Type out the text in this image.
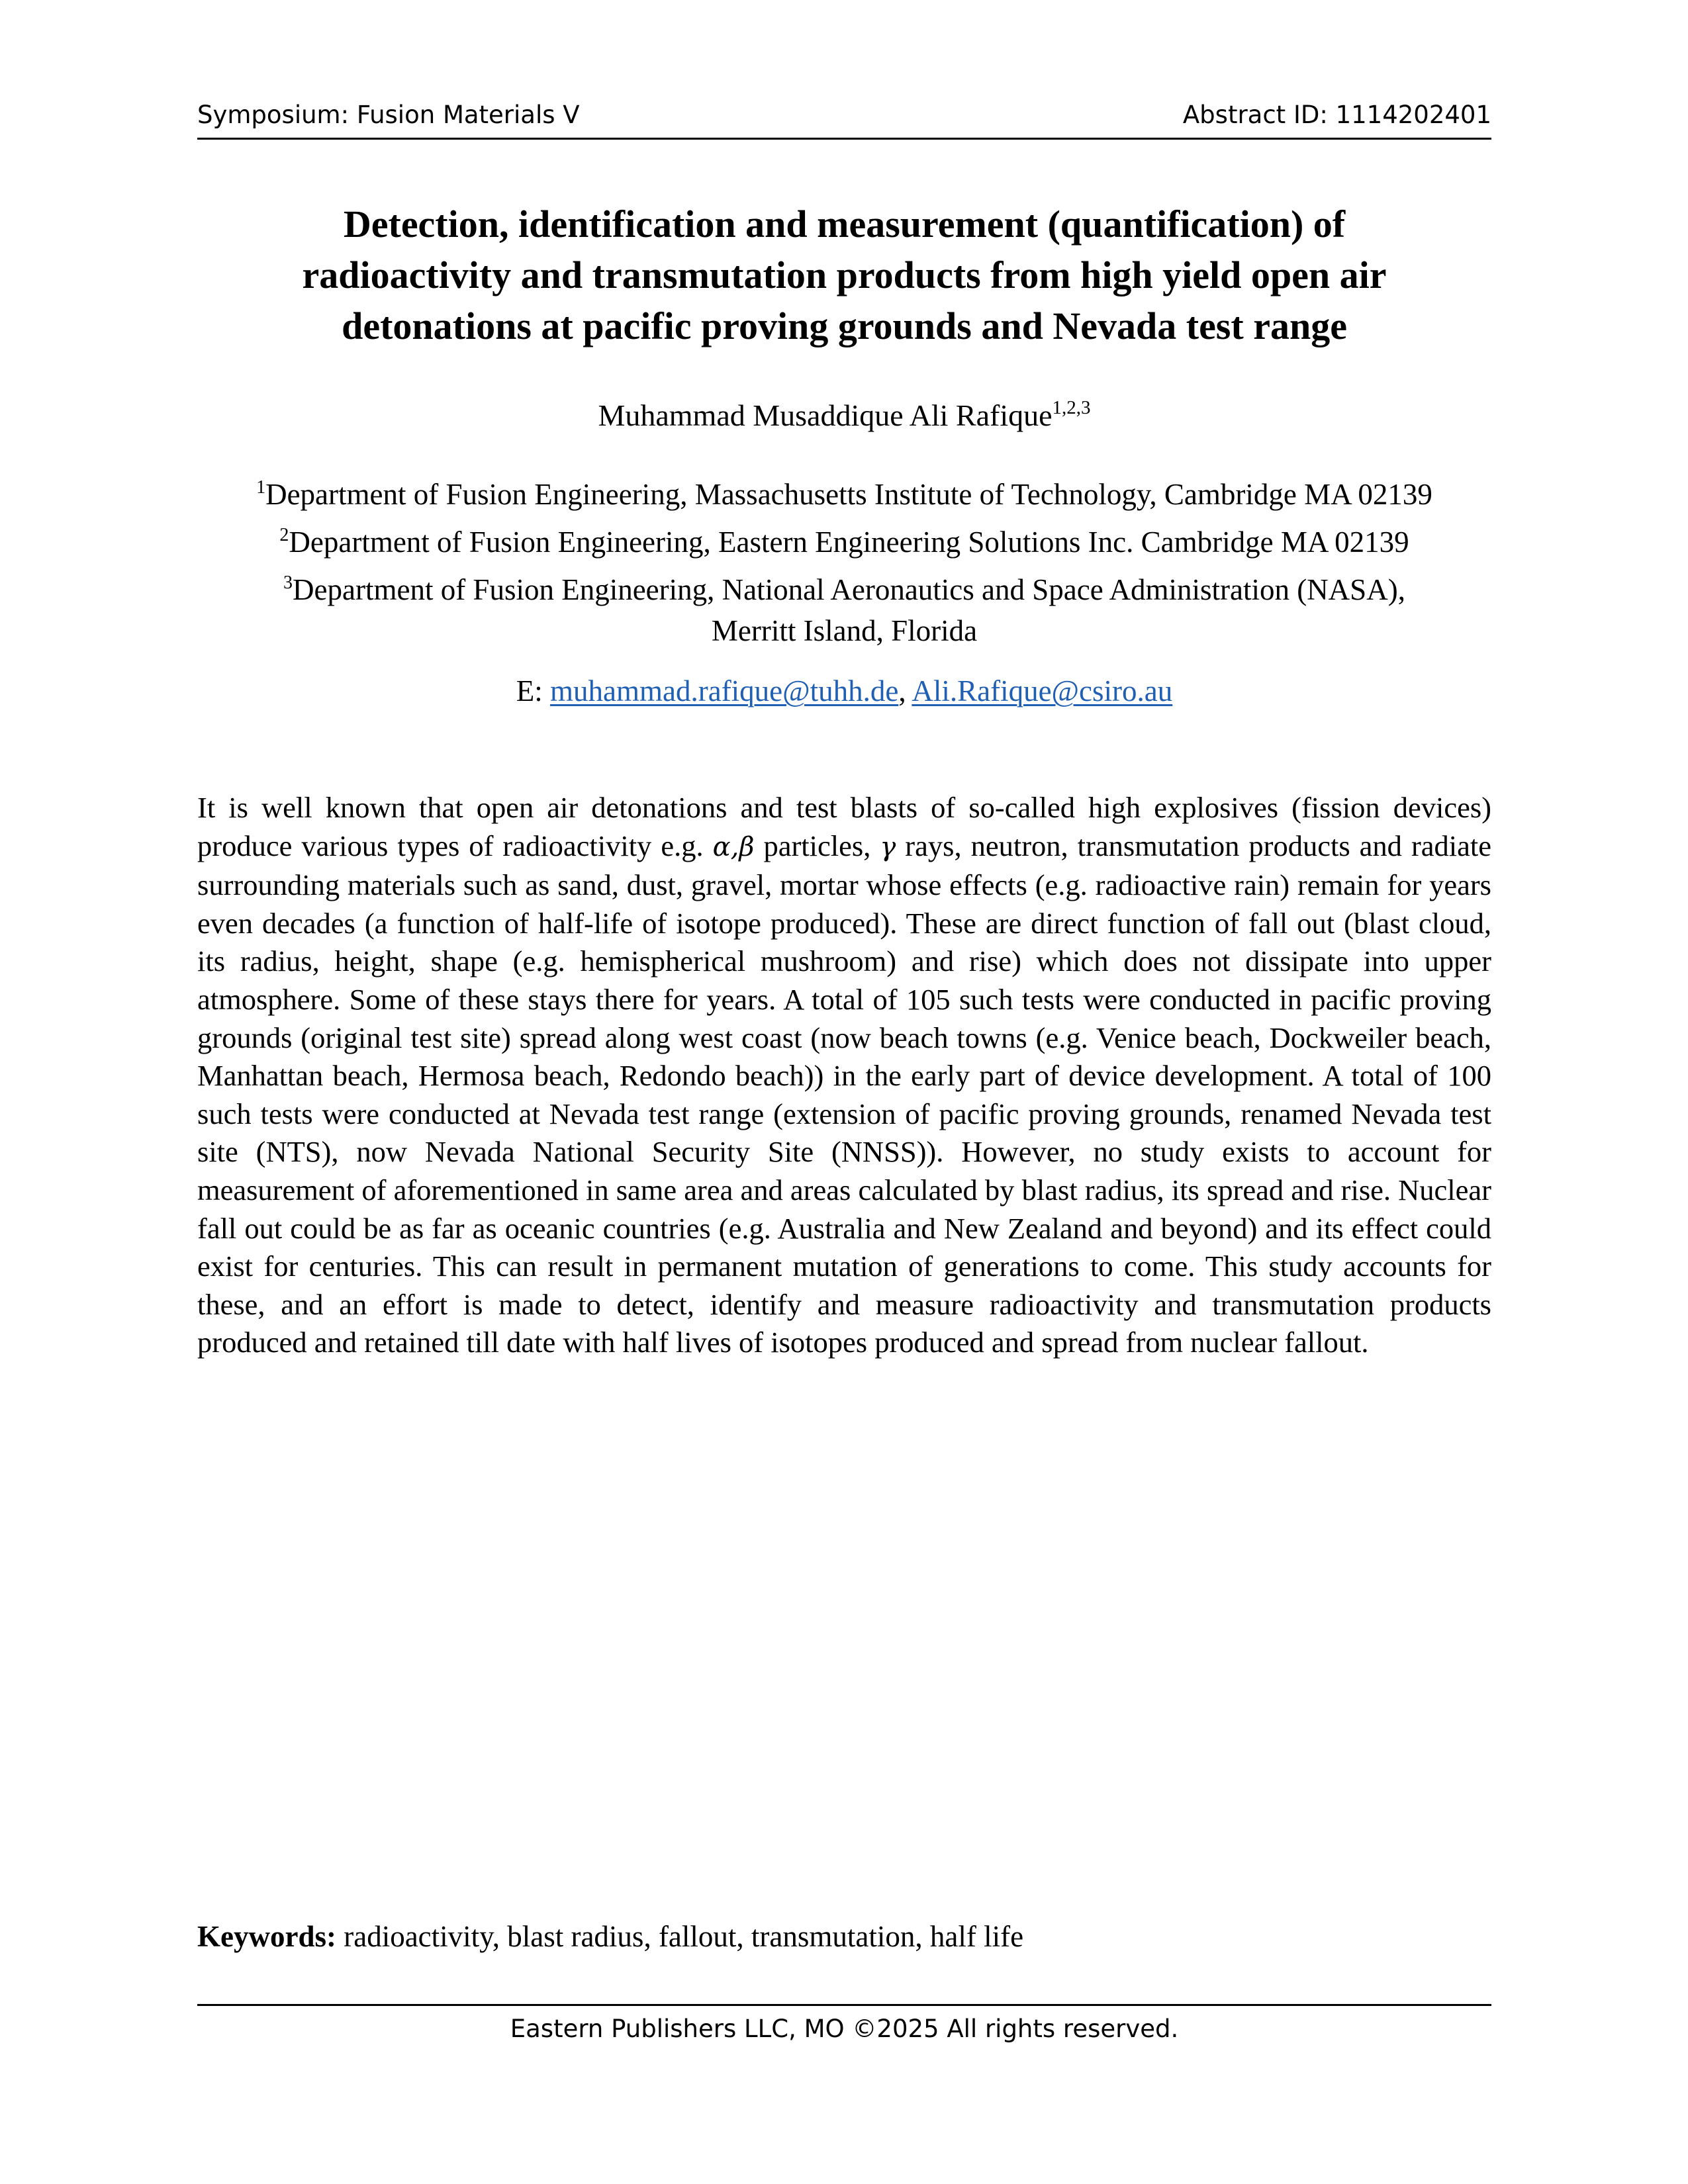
Symposium: Fusion Materials V	Abstract ID: 1114202401
Detection, identification and measurement (quantification) of
radioactivity and transmutation products from high yield open air
detonations at pacific proving grounds and Nevada test range
Muhammad Musaddique Ali Rafique$^{1,2,3}$
$^1$Department of Fusion Engineering, Massachusetts Institute of Technology, Cambridge MA 02139
$^2$Department of Fusion Engineering, Eastern Engineering Solutions Inc. Cambridge MA 02139
$^3$Department of Fusion Engineering, National Aeronautics and Space Administration (NASA),
Merritt Island, Florida
E: muhammad.rafique@tuhh.de, Ali.Rafique@csiro.au
It is well known that open air detonations and test blasts of so-called high explosives (fission devices) produce various types of radioactivity e.g. α,β particles, γ rays, neutron, transmutation products and radiate surrounding materials such as sand, dust, gravel, mortar whose effects (e.g. radioactive rain) remain for years even decades (a function of half-life of isotope produced). These are direct function of fall out (blast cloud, its radius, height, shape (e.g. hemispherical mushroom) and rise) which does not dissipate into upper atmosphere. Some of these stays there for years. A total of 105 such tests were conducted in pacific proving grounds (original test site) spread along west coast (now beach towns (e.g. Venice beach, Dockweiler beach, Manhattan beach, Hermosa beach, Redondo beach)) in the early part of device development. A total of 100 such tests were conducted at Nevada test range (extension of pacific proving grounds, renamed Nevada test site (NTS), now Nevada National Security Site (NNSS)). However, no study exists to account for measurement of aforementioned in same area and areas calculated by blast radius, its spread and rise. Nuclear fall out could be as far as oceanic countries (e.g. Australia and New Zealand and beyond) and its effect could exist for centuries. This can result in permanent mutation of generations to come. This study accounts for these, and an effort is made to detect, identify and measure radioactivity and transmutation products produced and retained till date with half lives of isotopes produced and spread from nuclear fallout.
Keywords: radioactivity, blast radius, fallout, transmutation, half life
Eastern Publishers LLC, MO ©2025 All rights reserved.
